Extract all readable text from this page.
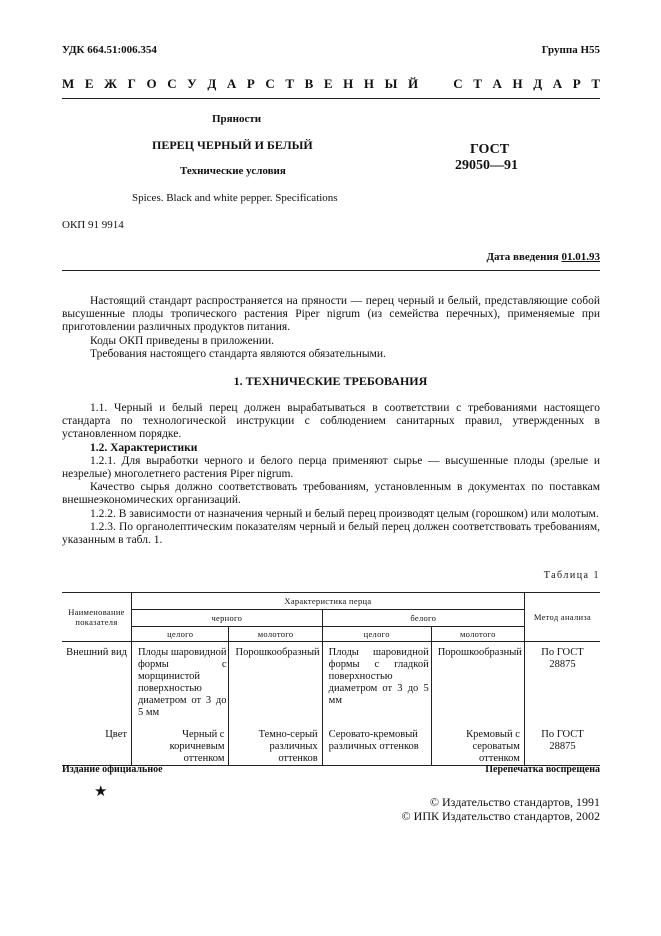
УДК 664.51:006.354	Группа Н55
М Е Ж Г О С У Д А Р С Т В Е Н Н Ы Й	С Т А Н Д А Р Т
Пряности
ПЕРЕЦ ЧЕРНЫЙ И БЕЛЫЙ
Технические условия
Spices. Black and white pepper. Specifications
ГОСТ
29050—91
ОКП 91 9914
Дата введения 01.01.93

Настоящий стандарт распространяется на пряности — перец черный и белый, представляющие собой высушенные плоды тропического растения Piper nigrum (из семейства перечных), применяемые при приготовлении различных продуктов питания.

Коды ОКП приведены в приложении.

Требования настоящего стандарта являются обязательными.

1. ТЕХНИЧЕСКИЕ ТРЕБОВАНИЯ

1.1. Черный и белый перец должен вырабатываться в соответствии с требованиями настоящего стандарта по технологической инструкции с соблюдением санитарных правил, утвержденных в установленном порядке.

1.2. Характеристики

1.2.1. Для выработки черного и белого перца применяют сырье — высушенные плоды (зрелые и незрелые) многолетнего растения Piper nigrum.

Качество сырья должно соответствовать требованиям, установленным в документах по поставкам внешнеэкономических организаций.

1.2.2. В зависимости от назначения черный и белый перец производят целым (горошком) или молотым.

1.2.3. По органолептическим показателям черный и белый перец должен соответствовать требованиям, указанным в табл. 1.

Таблица 1
Наименование показателя	Характеристика перца				Метод анализа
	черного		белого		
	целого	молотого	целого	молотого	
Внешний вид	Плоды шаровидной формы с морщинистой поверхностью диаметром от 3 до 5 мм	Порошкообразный	Плоды шаровидной формы с гладкой поверхностью диаметром от 3 до 5 мм	Порошкообразный	По ГОСТ 28875
Цвет	Черный с коричневым оттенком	Темно-серый различных оттенков	Серовато-кремовый различных оттенков	Кремовый с сероватым оттенком	По ГОСТ 28875
Издание официальное	Перепечатка воспрещена
★
© Издательство стандартов, 1991
© ИПК Издательство стандартов, 2002
